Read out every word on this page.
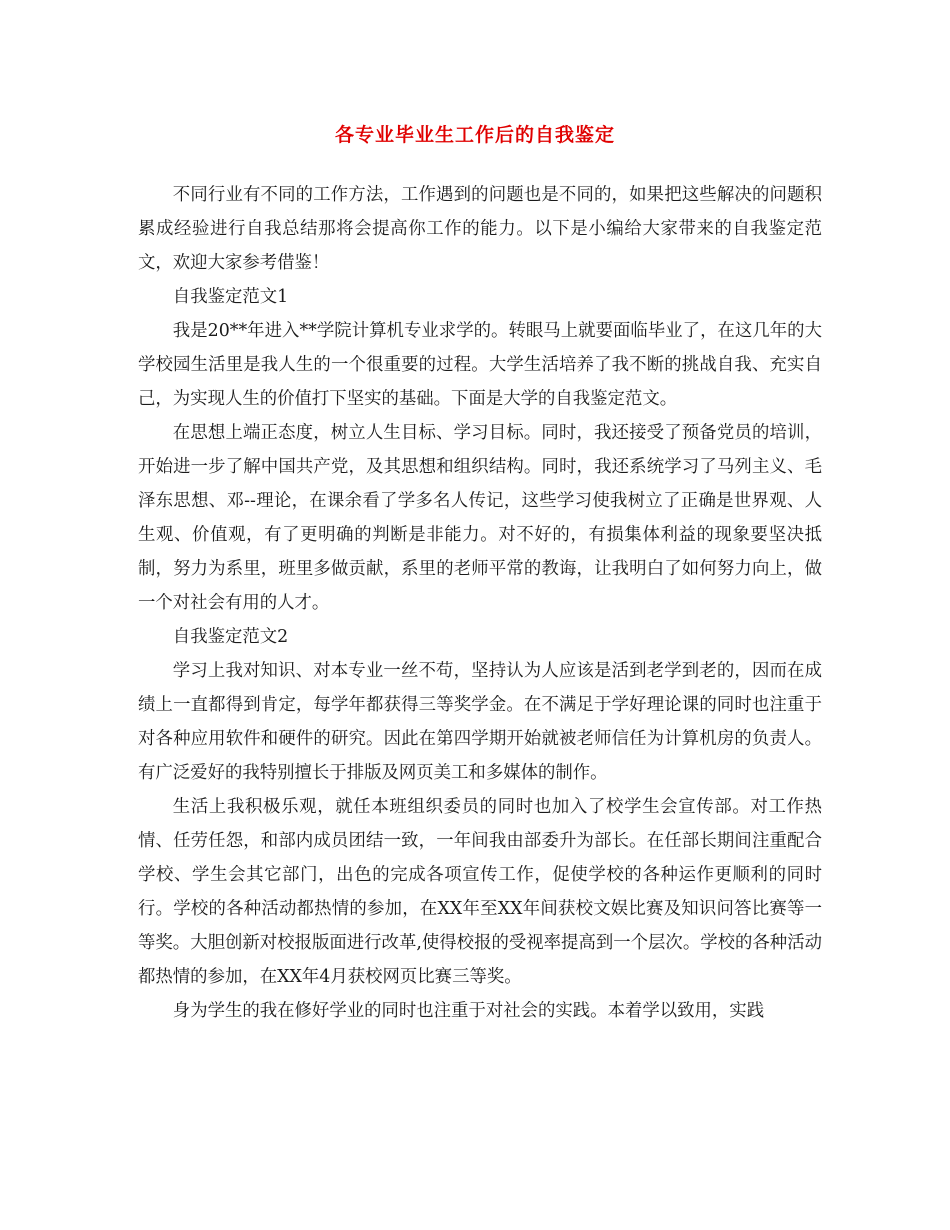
各专业毕业生工作后的自我鉴定

不同行业有不同的工作方法，工作遇到的问题也是不同的，如果把这些解决的问题积累成经验进行自我总结那将会提高你工作的能力。以下是小编给大家带来的自我鉴定范文，欢迎大家参考借鉴！

自我鉴定范文1

我是20**年进入**学院计算机专业求学的。转眼马上就要面临毕业了，在这几年的大学校园生活里是我人生的一个很重要的过程。大学生活培养了我不断的挑战自我、充实自己，为实现人生的价值打下坚实的基础。下面是大学的自我鉴定范文。

在思想上端正态度，树立人生目标、学习目标。同时，我还接受了预备党员的培训，开始进一步了解中国共产党，及其思想和组织结构。同时，我还系统学习了马列主义、毛泽东思想、邓--理论，在课余看了学多名人传记，这些学习使我树立了正确是世界观、人生观、价值观，有了更明确的判断是非能力。对不好的，有损集体利益的现象要坚决抵制，努力为系里，班里多做贡献，系里的老师平常的教诲，让我明白了如何努力向上，做一个对社会有用的人才。

自我鉴定范文2

学习上我对知识、对本专业一丝不苟，坚持认为人应该是活到老学到老的，因而在成绩上一直都得到肯定，每学年都获得三等奖学金。在不满足于学好理论课的同时也注重于对各种应用软件和硬件的研究。因此在第四学期开始就被老师信任为计算机房的负责人。有广泛爱好的我特别擅长于排版及网页美工和多媒体的制作。

生活上我积极乐观，就任本班组织委员的同时也加入了校学生会宣传部。对工作热情、任劳任怨，和部内成员团结一致，一年间我由部委升为部长。在任部长期间注重配合学校、学生会其它部门，出色的完成各项宣传工作，促使学校的各种运作更顺利的同时行。学校的各种活动都热情的参加，在XX年至XX年间获校文娱比赛及知识问答比赛等一等奖。大胆创新对校报版面进行改革,使得校报的受视率提高到一个层次。学校的各种活动都热情的参加，在XX年4月获校网页比赛三等奖。

身为学生的我在修好学业的同时也注重于对社会的实践。本着学以致用，实践
